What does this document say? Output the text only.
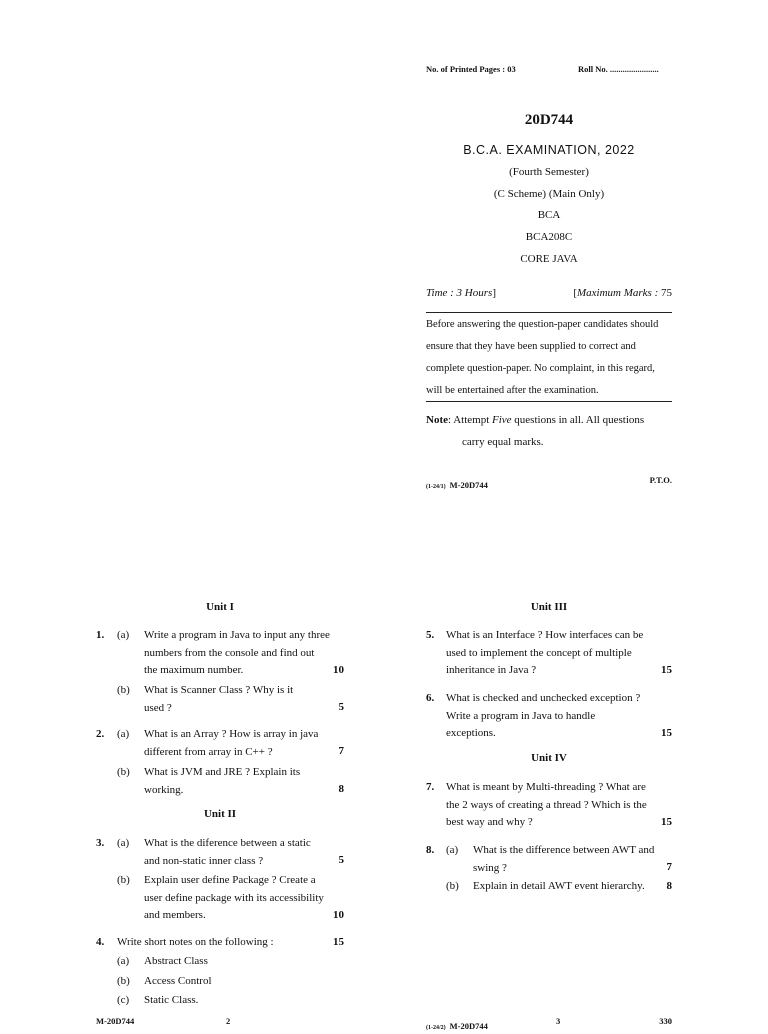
No. of Printed Pages : 03	Roll No. .......................
20D744
B.C.A. EXAMINATION, 2022
(Fourth Semester)
(C Scheme) (Main Only)
BCA
BCA208C
CORE JAVA
Time : 3 Hours]	[Maximum Marks : 75
Before answering the question-paper candidates should
ensure that they have been supplied to correct and
complete question-paper. No complaint, in this regard,
will be entertained after the examination.
Note: Attempt Five questions in all. All questions
carry equal marks.
(1-24/1) M-20D744	P.T.O.
Unit I
1. (a) Write a program in Java to input any three
numbers from the console and find out
the maximum number.	10
(b) What is Scanner Class ? Why is it
used ?	5
2. (a) What is an Array ? How is array in java
different from array in C++ ?	7
(b) What is JVM and JRE ? Explain its
working.	8
Unit II
3. (a) What is the diference between a static
and non-static inner class ?	5
(b) Explain user define Package ? Create a
user define package with its accessibility
and members.	10
4. Write short notes on the following :	15
(a) Abstract Class
(b) Access Control
(c) Static Class.
M-20D744	2
Unit III
5. What is an Interface ? How interfaces can be
used to implement the concept of multiple
inheritance in Java ?	15
6. What is checked and unchecked exception ?
Write a program in Java to handle
exceptions.	15
Unit IV
7. What is meant by Multi-threading ? What are
the 2 ways of creating a thread ? Which is the
best way and why ?	15
8. (a) What is the difference between AWT and
swing ?	7
(b) Explain in detail AWT event hierarchy. 8
(1-24/2) M-20D744	3	330
